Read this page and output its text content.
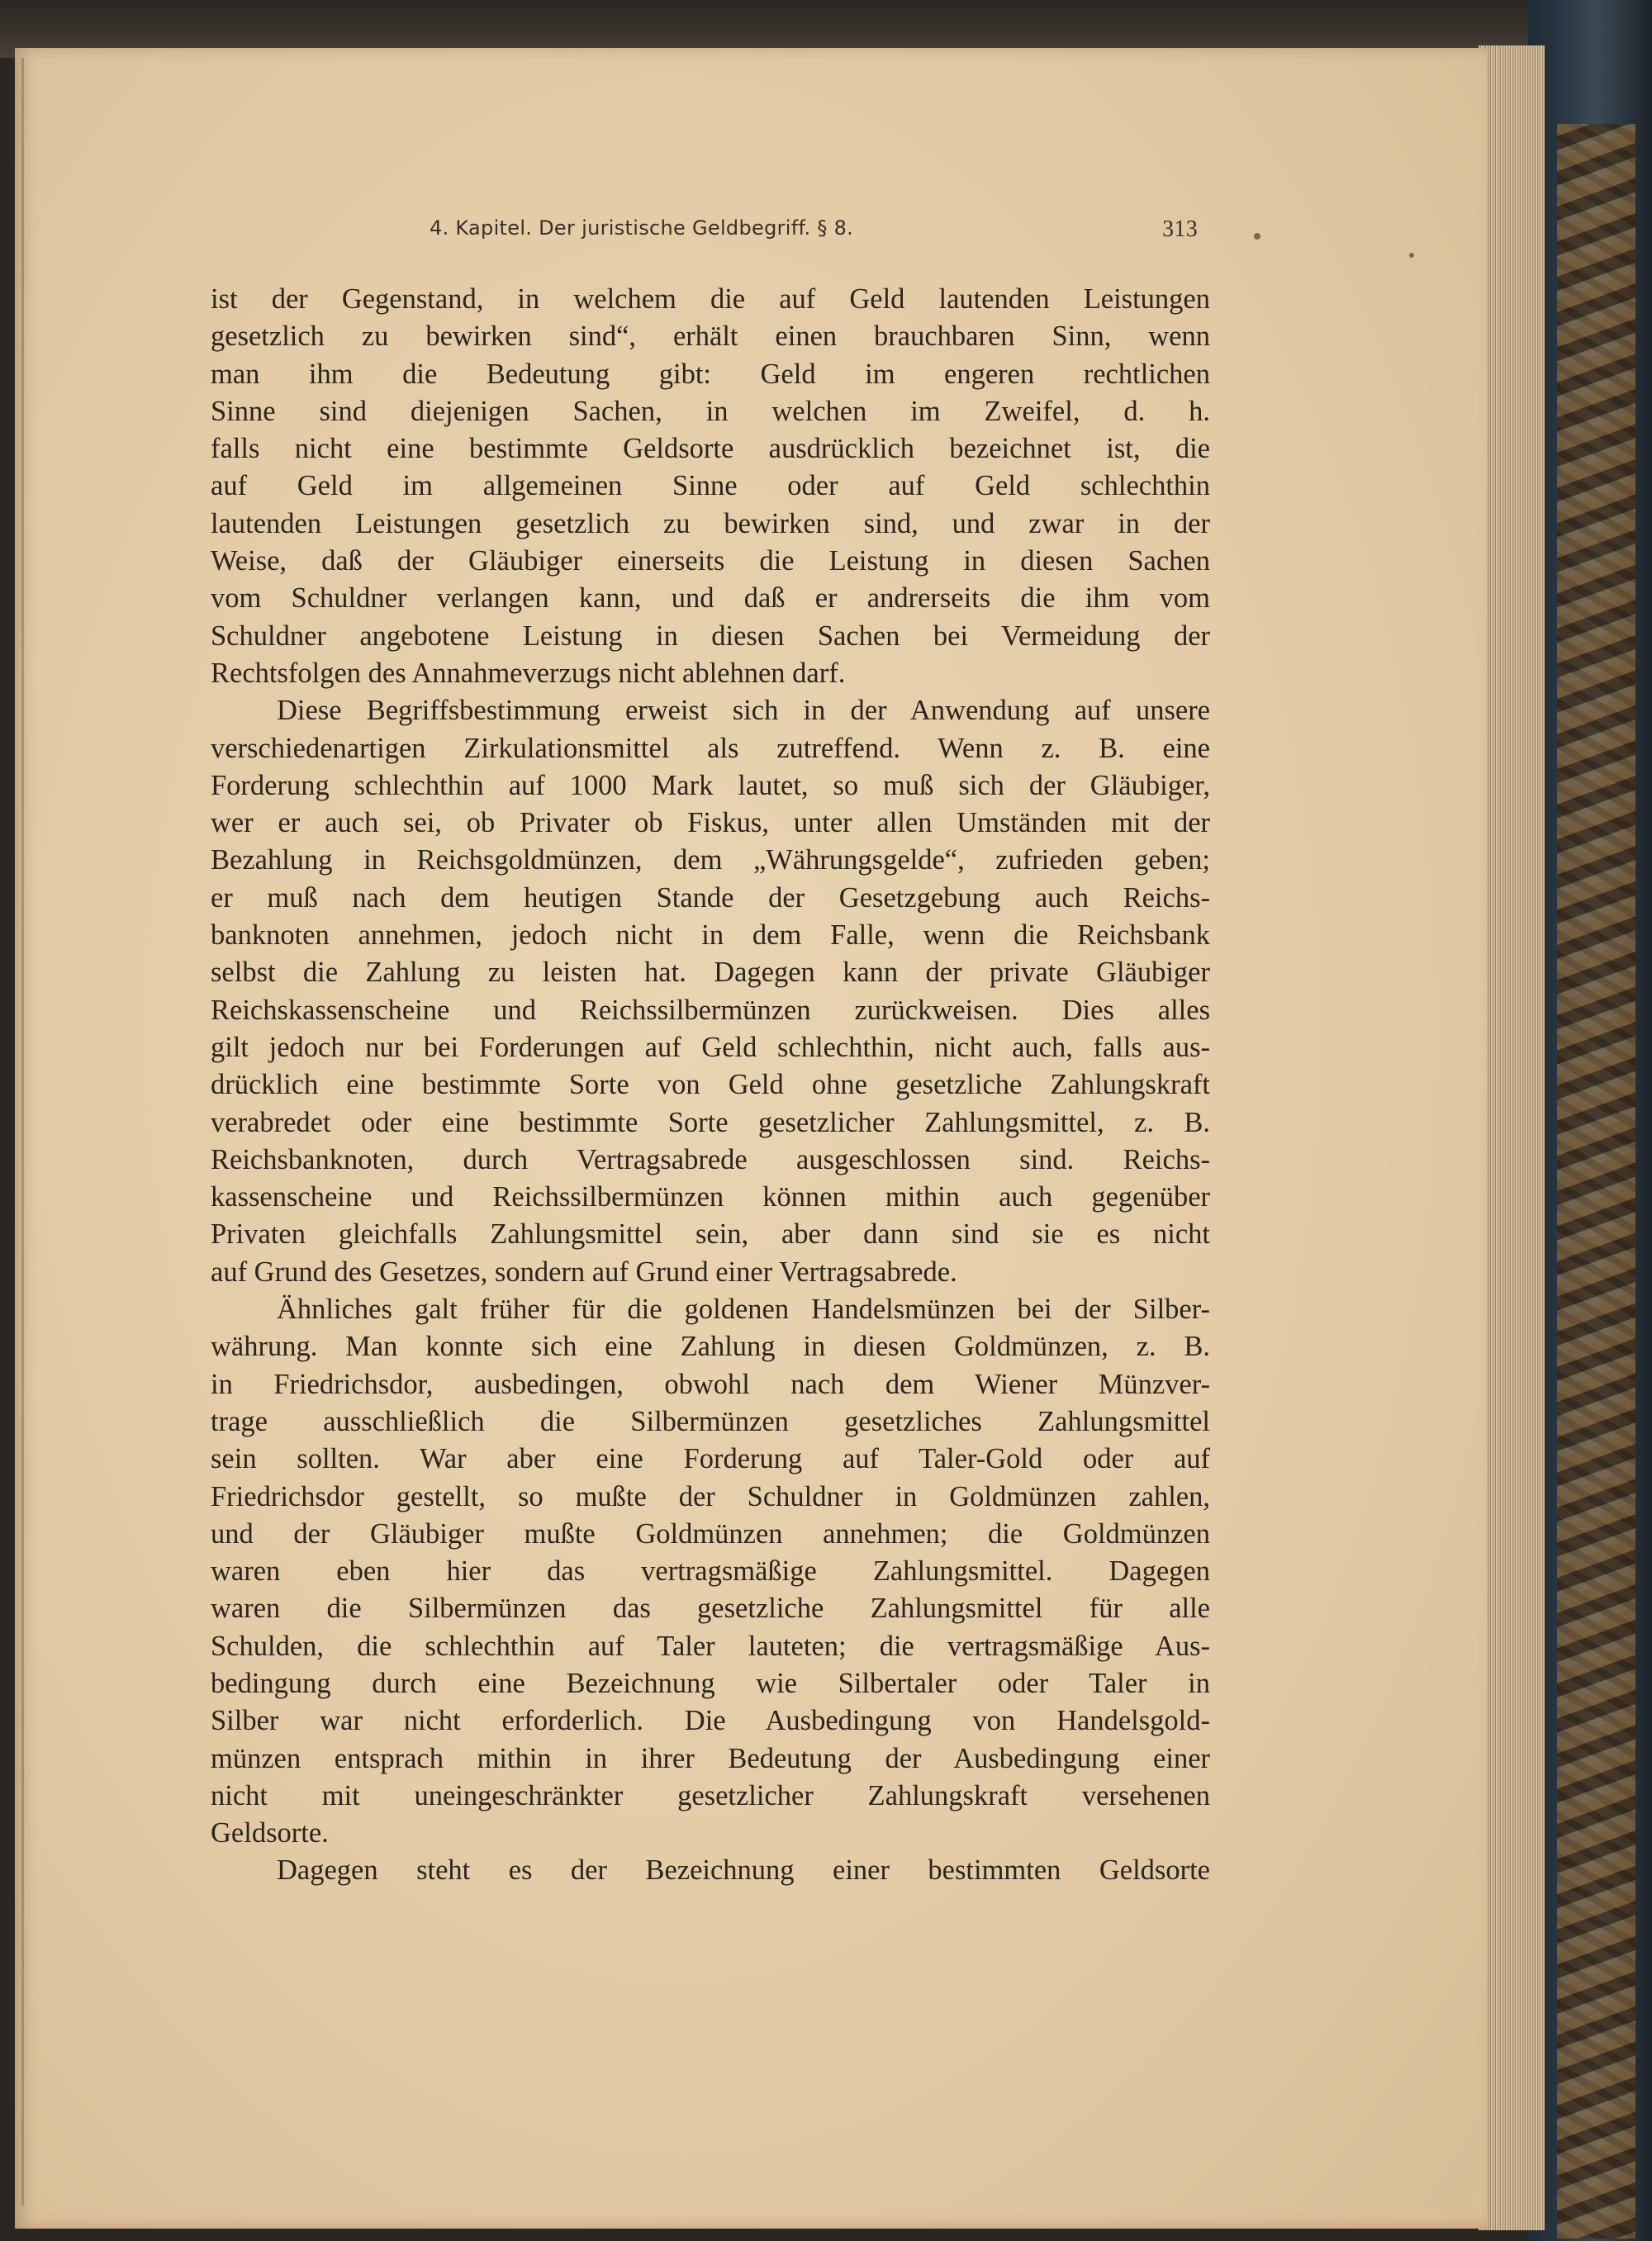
4. Kapitel. Der juristische Geldbegriff. § 8.	313
ist der Gegenstand, in welchem die auf Geld lautenden Leistungen
gesetzlich zu bewirken sind“, erhält einen brauchbaren Sinn, wenn
man ihm die Bedeutung gibt: Geld im engeren rechtlichen
Sinne sind diejenigen Sachen, in welchen im Zweifel, d. h.
falls nicht eine bestimmte Geldsorte ausdrücklich bezeichnet ist, die
auf Geld im allgemeinen Sinne oder auf Geld schlechthin
lautenden Leistungen gesetzlich zu bewirken sind, und zwar in der
Weise, daß der Gläubiger einerseits die Leistung in diesen Sachen
vom Schuldner verlangen kann, und daß er andrerseits die ihm vom
Schuldner angebotene Leistung in diesen Sachen bei Vermeidung der
Rechtsfolgen des Annahmeverzugs nicht ablehnen darf.
Diese Begriffsbestimmung erweist sich in der Anwendung auf unsere
verschiedenartigen Zirkulationsmittel als zutreffend. Wenn z. B. eine
Forderung schlechthin auf 1000 Mark lautet, so muß sich der Gläubiger,
wer er auch sei, ob Privater ob Fiskus, unter allen Umständen mit der
Bezahlung in Reichsgoldmünzen, dem „Währungsgelde“, zufrieden geben;
er muß nach dem heutigen Stande der Gesetzgebung auch Reichs-
banknoten annehmen, jedoch nicht in dem Falle, wenn die Reichsbank
selbst die Zahlung zu leisten hat. Dagegen kann der private Gläubiger
Reichskassenscheine und Reichssilbermünzen zurückweisen. Dies alles
gilt jedoch nur bei Forderungen auf Geld schlechthin, nicht auch, falls aus-
drücklich eine bestimmte Sorte von Geld ohne gesetzliche Zahlungskraft
verabredet oder eine bestimmte Sorte gesetzlicher Zahlungsmittel, z. B.
Reichsbanknoten, durch Vertragsabrede ausgeschlossen sind. Reichs-
kassenscheine und Reichssilbermünzen können mithin auch gegenüber
Privaten gleichfalls Zahlungsmittel sein, aber dann sind sie es nicht
auf Grund des Gesetzes, sondern auf Grund einer Vertragsabrede.
Ähnliches galt früher für die goldenen Handelsmünzen bei der Silber-
währung. Man konnte sich eine Zahlung in diesen Goldmünzen, z. B.
in Friedrichsdor, ausbedingen, obwohl nach dem Wiener Münzver-
trage ausschließlich die Silbermünzen gesetzliches Zahlungsmittel
sein sollten. War aber eine Forderung auf Taler-Gold oder auf
Friedrichsdor gestellt, so mußte der Schuldner in Goldmünzen zahlen,
und der Gläubiger mußte Goldmünzen annehmen; die Goldmünzen
waren eben hier das vertragsmäßige Zahlungsmittel. Dagegen
waren die Silbermünzen das gesetzliche Zahlungsmittel für alle
Schulden, die schlechthin auf Taler lauteten; die vertragsmäßige Aus-
bedingung durch eine Bezeichnung wie Silbertaler oder Taler in
Silber war nicht erforderlich. Die Ausbedingung von Handelsgold-
münzen entsprach mithin in ihrer Bedeutung der Ausbedingung einer
nicht mit uneingeschränkter gesetzlicher Zahlungskraft versehenen
Geldsorte.
Dagegen steht es der Bezeichnung einer bestimmten Geldsorte
